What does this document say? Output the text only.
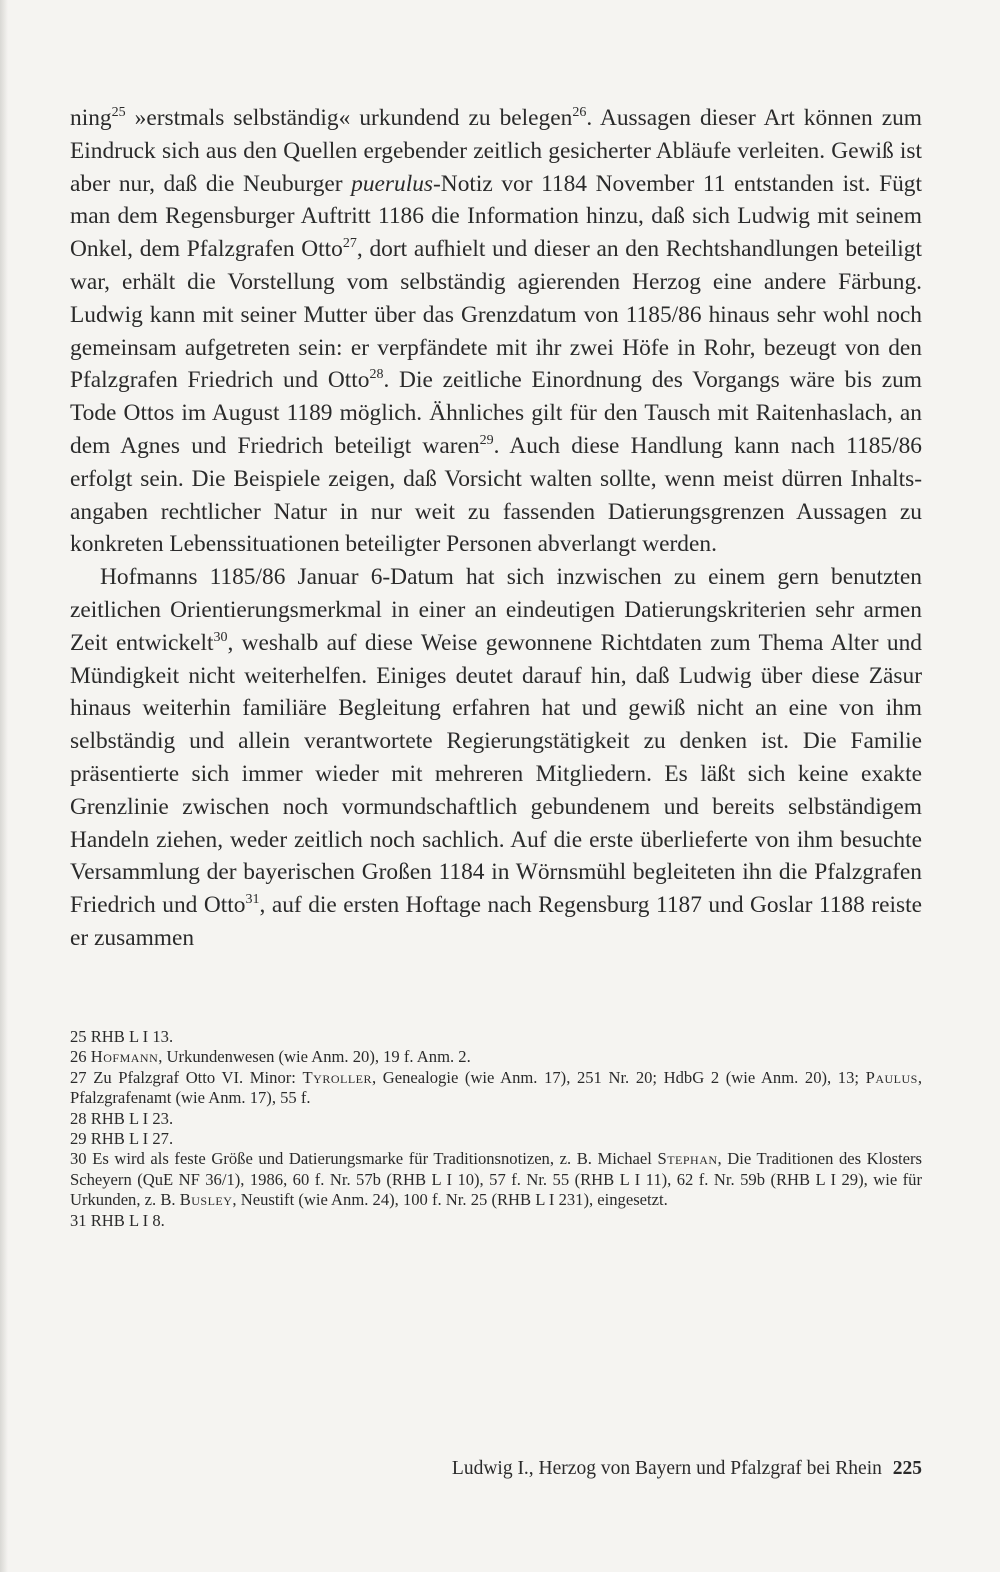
ning$^{25}$ »erstmals selbständig« urkundend zu belegen$^{26}$. Aussagen dieser Art können zum Eindruck sich aus den Quellen ergebender zeitlich gesicherter Abläufe verleiten. Gewiß ist aber nur, daß die Neuburger puerulus-Notiz vor 1184 November 11 entstanden ist. Fügt man dem Regensburger Auftritt 1186 die Information hinzu, daß sich Ludwig mit seinem Onkel, dem Pfalzgrafen Otto$^{27}$, dort aufhielt und dieser an den Rechtshandlungen beteiligt war, erhält die Vorstellung vom selbständig agierenden Herzog eine andere Färbung. Ludwig kann mit seiner Mutter über das Grenzdatum von 1185/86 hinaus sehr wohl noch gemeinsam aufgetreten sein: er verpfändete mit ihr zwei Höfe in Rohr, bezeugt von den Pfalzgrafen Friedrich und Otto$^{28}$. Die zeitliche Einordnung des Vorgangs wäre bis zum Tode Ottos im August 1189 möglich. Ähnliches gilt für den Tausch mit Raitenhaslach, an dem Agnes und Friedrich beteiligt waren$^{29}$. Auch diese Handlung kann nach 1185/86 erfolgt sein. Die Beispiele zeigen, daß Vorsicht walten sollte, wenn meist dürren Inhaltsangaben rechtlicher Natur in nur weit zu fassenden Datierungsgrenzen Aussagen zu konkreten Lebenssituationen beteiligter Personen abverlangt werden.

Hofmanns 1185/86 Januar 6-Datum hat sich inzwischen zu einem gern benutzten zeitlichen Orientierungsmerkmal in einer an eindeutigen Datierungskriterien sehr armen Zeit entwickelt$^{30}$, weshalb auf diese Weise gewonnene Richtdaten zum Thema Alter und Mündigkeit nicht weiterhelfen. Einiges deutet darauf hin, daß Ludwig über diese Zäsur hinaus weiterhin familiäre Begleitung erfahren hat und gewiß nicht an eine von ihm selbständig und allein verantwortete Regierungstätigkeit zu denken ist. Die Familie präsentierte sich immer wieder mit mehreren Mitgliedern. Es läßt sich keine exakte Grenzlinie zwischen noch vormundschaftlich gebundenem und bereits selbständigem Handeln ziehen, weder zeitlich noch sachlich. Auf die erste überlieferte von ihm besuchte Versammlung der bayerischen Großen 1184 in Wörnsmühl begleiteten ihn die Pfalzgrafen Friedrich und Otto$^{31}$, auf die ersten Hoftage nach Regensburg 1187 und Goslar 1188 reiste er zusammen

25 RHB L I 13.

26 Hofmann, Urkundenwesen (wie Anm. 20), 19 f. Anm. 2.

27 Zu Pfalzgraf Otto VI. Minor: Tyroller, Genealogie (wie Anm. 17), 251 Nr. 20; HdbG 2 (wie Anm. 20), 13; Paulus, Pfalzgrafenamt (wie Anm. 17), 55 f.

28 RHB L I 23.

29 RHB L I 27.

30 Es wird als feste Größe und Datierungsmarke für Traditionsnotizen, z. B. Michael Stephan, Die Traditionen des Klosters Scheyern (QuE NF 36/1), 1986, 60 f. Nr. 57b (RHB L I 10), 57 f. Nr. 55 (RHB L I 11), 62 f. Nr. 59b (RHB L I 29), wie für Urkunden, z. B. Busley, Neustift (wie Anm. 24), 100 f. Nr. 25 (RHB L I 231), eingesetzt.

31 RHB L I 8.

Ludwig I., Herzog von Bayern und Pfalzgraf bei Rhein 225
